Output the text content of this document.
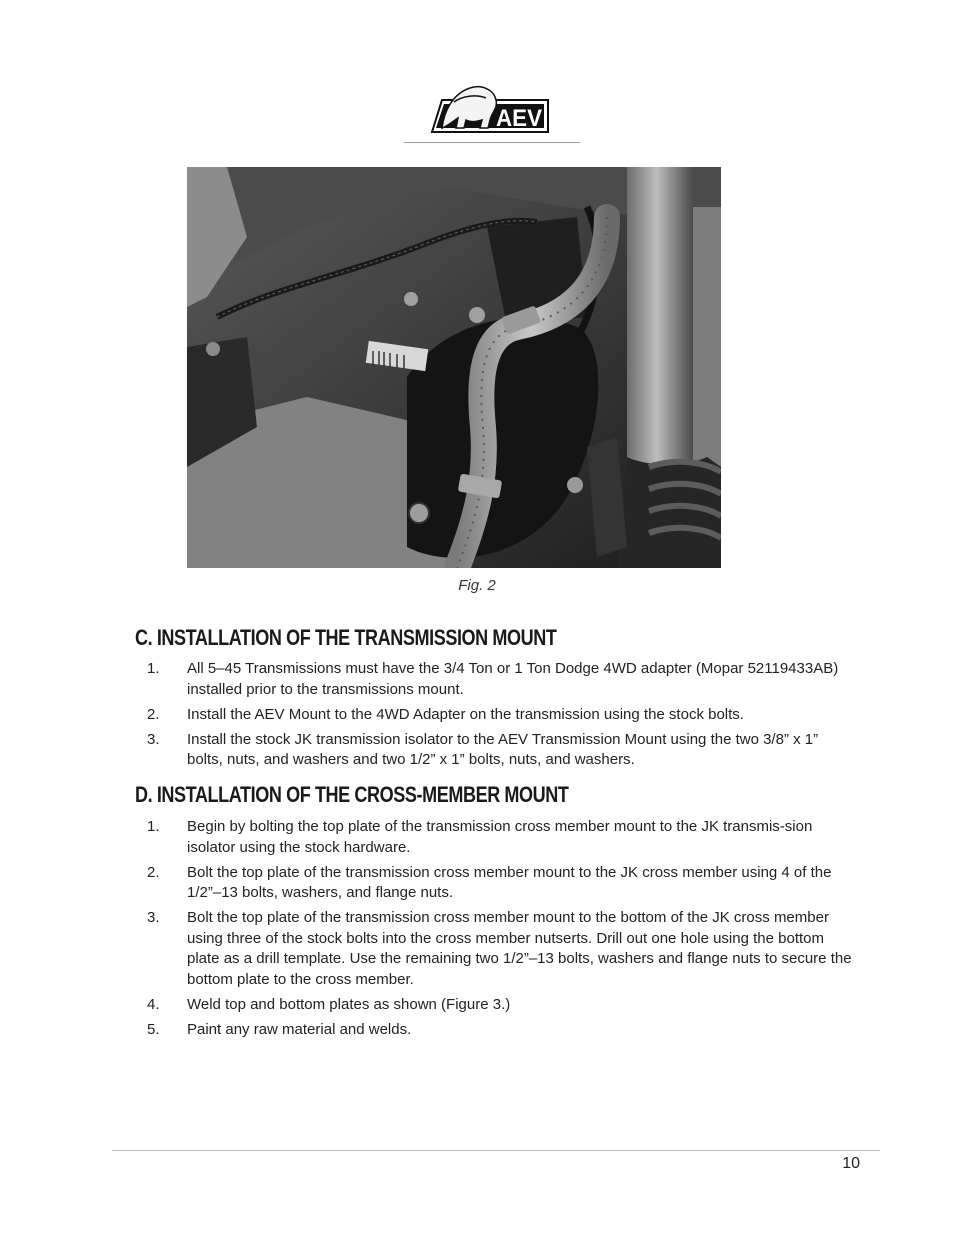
AEV
Fig. 2
C. INSTALLATION OF THE TRANSMISSION MOUNT
1. All 5–45 Transmissions must have the 3/4 Ton or 1 Ton Dodge 4WD adapter (Mopar 52119433AB) installed prior to the transmissions mount.
2. Install the AEV Mount to the 4WD Adapter on the transmission using the stock bolts.
3. Install the stock JK transmission isolator to the AEV Transmission Mount using the two 3/8” x 1” bolts, nuts, and washers and two 1/2” x 1” bolts, nuts, and washers.
D. INSTALLATION OF THE CROSS-MEMBER MOUNT
1. Begin by bolting the top plate of the transmission cross member mount to the JK transmis-sion isolator using the stock hardware.
2. Bolt the top plate of the transmission cross member mount to the JK cross member using 4 of the 1/2”–13 bolts, washers, and flange nuts.
3. Bolt the top plate of the transmission cross member mount to the bottom of the JK cross member using three of the stock bolts into the cross member nutserts. Drill out one hole using the bottom plate as a drill template. Use the remaining two 1/2”–13 bolts, washers and flange nuts to secure the bottom plate to the cross member.
4. Weld top and bottom plates as shown (Figure 3.)
5. Paint any raw material and welds.
10
